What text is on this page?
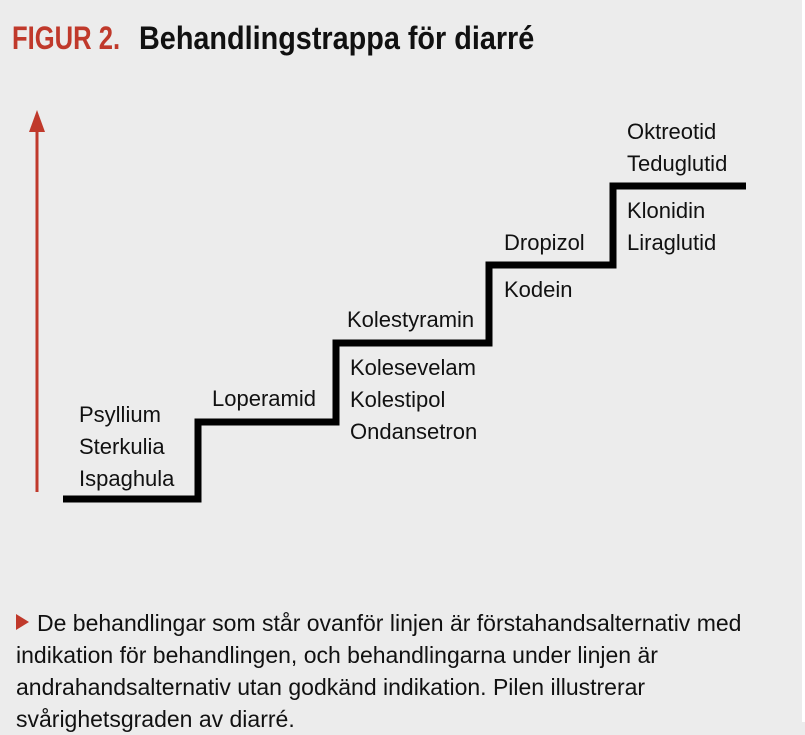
FIGUR 2. Behandlingstrappa för diarré
Psyllium
Sterkulia
Ispaghula
Loperamid
Kolestyramin
Kolesevelam
Kolestipol
Ondansetron
Dropizol
Kodein
Oktreotid
Teduglutid
Klonidin
Liraglutid

De behandlingar som står ovanför linjen är förstahandsalternativ med indikation för behandlingen, och behandlingarna under linjen är andrahandsalternativ utan godkänd indikation. Pilen illustrerar svårighetsgraden av diarré.
